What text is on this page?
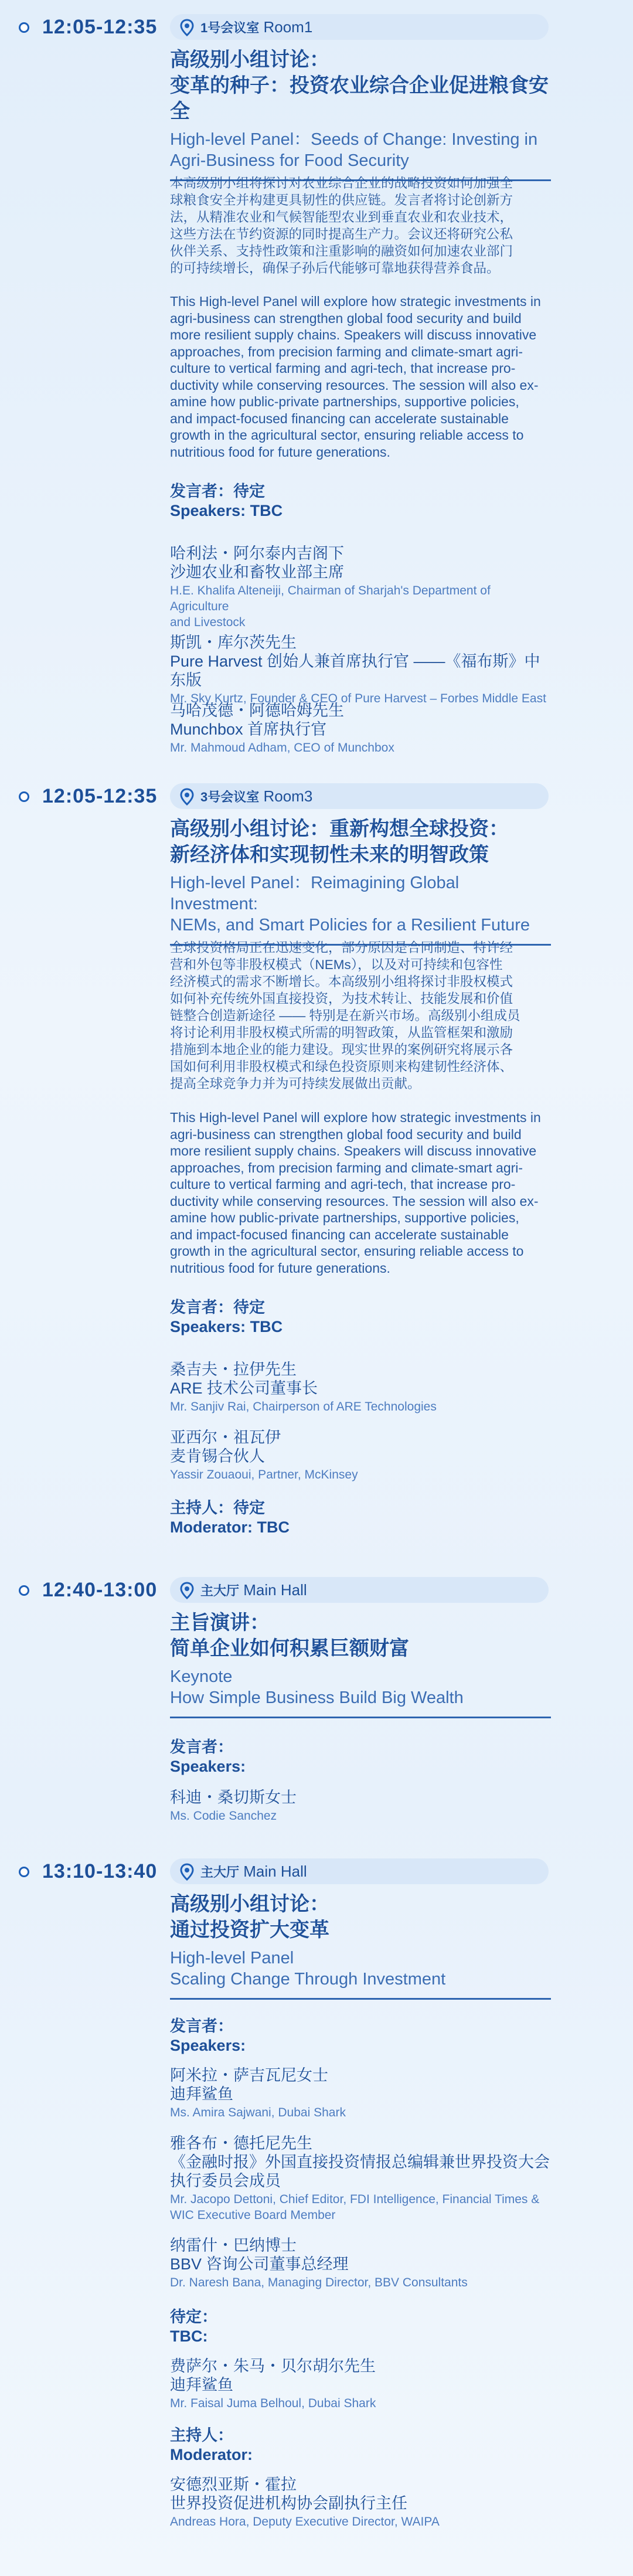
12:05-12:35	1号会议室 Room1

高级别小组讨论：

变革的种子：投资农业综合企业促进粮食安全

High-level Panel：Seeds of Change: Investing in

Agri-Business for Food Security

本高级别小组将探讨对农业综合企业的战略投资如何加强全

球粮食安全并构建更具韧性的供应链。发言者将讨论创新方

法，从精准农业和气候智能型农业到垂直农业和农业技术，

这些方法在节约资源的同时提高生产力。会议还将研究公私

伙伴关系、支持性政策和注重影响的融资如何加速农业部门

的可持续增长，确保子孙后代能够可靠地获得营养食品。

This High-level Panel will explore how strategic investments in

agri-business can strengthen global food security and build

more resilient supply chains. Speakers will discuss innovative

approaches, from precision farming and climate-smart agri-

culture to vertical farming and agri-tech, that increase pro-

ductivity while conserving resources. The session will also ex-

amine how public-private partnerships, supportive policies,

and impact-focused financing can accelerate sustainable

growth in the agricultural sector, ensuring reliable access to

nutritious food for future generations.

发言者：待定

Speakers: TBC

哈利法・阿尔泰内吉阁下

沙迦农业和畜牧业部主席

H.E. Khalifa Alteneiji, Chairman of Sharjah's Department of Agriculture

and Livestock

斯凯・库尔茨先生

Pure Harvest 创始人兼首席执行官 ——《福布斯》中东版

Mr. Sky Kurtz, Founder & CEO of Pure Harvest – Forbes Middle East

马哈茂德・阿德哈姆先生

Munchbox 首席执行官

Mr. Mahmoud Adham, CEO of Munchbox

12:05-12:35	3号会议室 Room3

高级别小组讨论：重新构想全球投资：

新经济体和实现韧性未来的明智政策

High-level Panel：Reimagining Global Investment:

NEMs, and Smart Policies for a Resilient Future

全球投资格局正在迅速变化，部分原因是合同制造、特许经

营和外包等非股权模式（NEMs），以及对可持续和包容性

经济模式的需求不断增长。本高级别小组将探讨非股权模式

如何补充传统外国直接投资，为技术转让、技能发展和价值

链整合创造新途径 —— 特别是在新兴市场。高级别小组成员

将讨论利用非股权模式所需的明智政策，从监管框架和激励

措施到本地企业的能力建设。现实世界的案例研究将展示各

国如何利用非股权模式和绿色投资原则来构建韧性经济体、

提高全球竞争力并为可持续发展做出贡献。

This High-level Panel will explore how strategic investments in

agri-business can strengthen global food security and build

more resilient supply chains. Speakers will discuss innovative

approaches, from precision farming and climate-smart agri-

culture to vertical farming and agri-tech, that increase pro-

ductivity while conserving resources. The session will also ex-

amine how public-private partnerships, supportive policies,

and impact-focused financing can accelerate sustainable

growth in the agricultural sector, ensuring reliable access to

nutritious food for future generations.

发言者：待定

Speakers: TBC

桑吉夫・拉伊先生

ARE 技术公司董事长

Mr. Sanjiv Rai, Chairperson of ARE Technologies

亚西尔・祖瓦伊

麦肯锡合伙人

Yassir Zouaoui, Partner, McKinsey

主持人：待定

Moderator: TBC

12:40-13:00	主大厅 Main Hall

主旨演讲：

简单企业如何积累巨额财富

Keynote

How Simple Business Build Big Wealth

发言者：

Speakers:

科迪・桑切斯女士

Ms. Codie Sanchez

13:10-13:40	主大厅 Main Hall

高级别小组讨论：

通过投资扩大变革

High-level Panel

Scaling Change Through Investment

发言者：

Speakers:

阿米拉・萨吉瓦尼女士

迪拜鲨鱼

Ms. Amira Sajwani, Dubai Shark

雅各布・德托尼先生

《金融时报》外国直接投资情报总编辑兼世界投资大会

执行委员会成员

Mr. Jacopo Dettoni, Chief Editor, FDI Intelligence, Financial Times &

WIC Executive Board Member

纳雷什・巴纳博士

BBV 咨询公司董事总经理

Dr. Naresh Bana, Managing Director, BBV Consultants

待定：

TBC:

费萨尔・朱马・贝尔胡尔先生

迪拜鲨鱼

Mr. Faisal Juma Belhoul, Dubai Shark

主持人：

Moderator:

安德烈亚斯・霍拉

世界投资促进机构协会副执行主任

Andreas Hora, Deputy Executive Director, WAIPA
